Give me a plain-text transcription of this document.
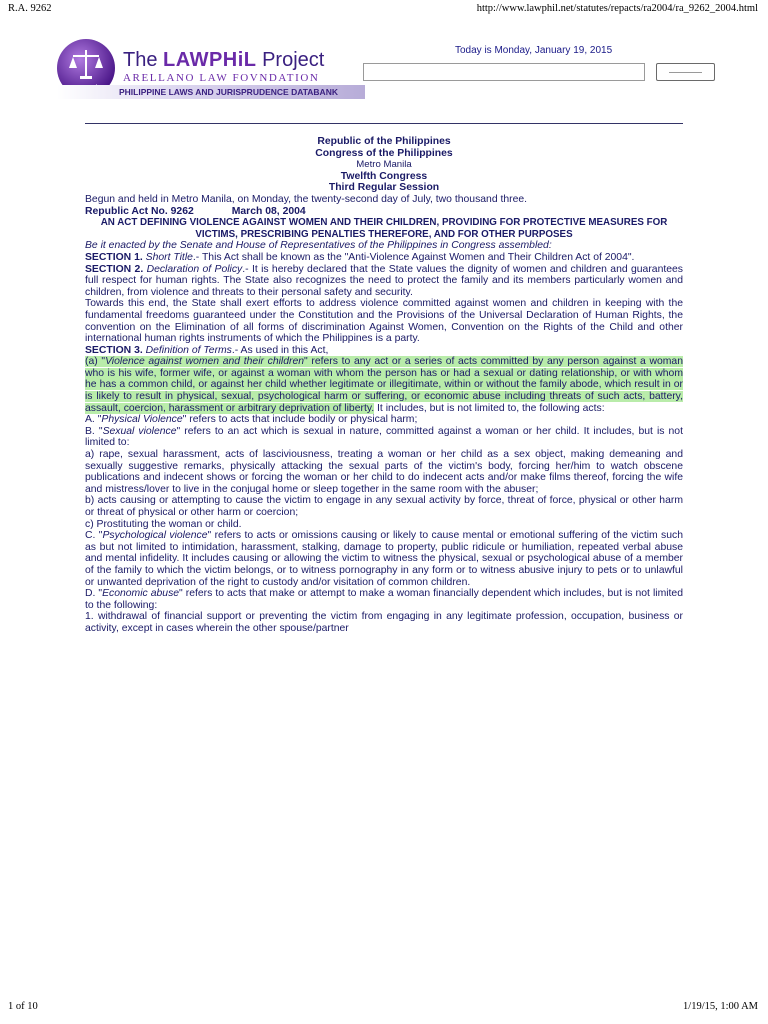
R.A. 9262	http://www.lawphil.net/statutes/repacts/ra2004/ra_9262_2004.html
The LAWPHiL Project
ARELLANO LAW FOVNDATION
PHILIPPINE LAWS AND JURISPRUDENCE DATABANK
Today is Monday, January 19, 2015

Republic of the Philippines

Congress of the Philippines

Metro Manila

Twelfth Congress

Third Regular Session

Begun and held in Metro Manila, on Monday, the twenty-second day of July, two thousand three.

Republic Act No. 9262	March 08, 2004

AN ACT DEFINING VIOLENCE AGAINST WOMEN AND THEIR CHILDREN, PROVIDING FOR PROTECTIVE MEASURES FOR VICTIMS, PRESCRIBING PENALTIES THEREFORE, AND FOR OTHER PURPOSES

Be it enacted by the Senate and House of Representatives of the Philippines in Congress assembled:

SECTION 1. Short Title.- This Act shall be known as the "Anti-Violence Against Women and Their Children Act of 2004".

SECTION 2. Declaration of Policy.- It is hereby declared that the State values the dignity of women and children and guarantees full respect for human rights. The State also recognizes the need to protect the family and its members particularly women and children, from violence and threats to their personal safety and security.

Towards this end, the State shall exert efforts to address violence committed against women and children in keeping with the fundamental freedoms guaranteed under the Constitution and the Provisions of the Universal Declaration of Human Rights, the convention on the Elimination of all forms of discrimination Against Women, Convention on the Rights of the Child and other international human rights instruments of which the Philippines is a party.

SECTION 3. Definition of Terms.- As used in this Act,

(a) "Violence against women and their children" refers to any act or a series of acts committed by any person against a woman who is his wife, former wife, or against a woman with whom the person has or had a sexual or dating relationship, or with whom he has a common child, or against her child whether legitimate or illegitimate, within or without the family abode, which result in or is likely to result in physical, sexual, psychological harm or suffering, or economic abuse including threats of such acts, battery, assault, coercion, harassment or arbitrary deprivation of liberty. It includes, but is not limited to, the following acts:

A. "Physical Violence" refers to acts that include bodily or physical harm;

B. "Sexual violence" refers to an act which is sexual in nature, committed against a woman or her child. It includes, but is not limited to:

a) rape, sexual harassment, acts of lasciviousness, treating a woman or her child as a sex object, making demeaning and sexually suggestive remarks, physically attacking the sexual parts of the victim's body, forcing her/him to watch obscene publications and indecent shows or forcing the woman or her child to do indecent acts and/or make films thereof, forcing the wife and mistress/lover to live in the conjugal home or sleep together in the same room with the abuser;

b) acts causing or attempting to cause the victim to engage in any sexual activity by force, threat of force, physical or other harm or threat of physical or other harm or coercion;

c) Prostituting the woman or child.

C. "Psychological violence" refers to acts or omissions causing or likely to cause mental or emotional suffering of the victim such as but not limited to intimidation, harassment, stalking, damage to property, public ridicule or humiliation, repeated verbal abuse and mental infidelity. It includes causing or allowing the victim to witness the physical, sexual or psychological abuse of a member of the family to which the victim belongs, or to witness pornography in any form or to witness abusive injury to pets or to unlawful or unwanted deprivation of the right to custody and/or visitation of common children.

D. "Economic abuse" refers to acts that make or attempt to make a woman financially dependent which includes, but is not limited to the following:

1. withdrawal of financial support or preventing the victim from engaging in any legitimate profession, occupation, business or activity, except in cases wherein the other spouse/partner

1 of 10	1/19/15, 1:00 AM
